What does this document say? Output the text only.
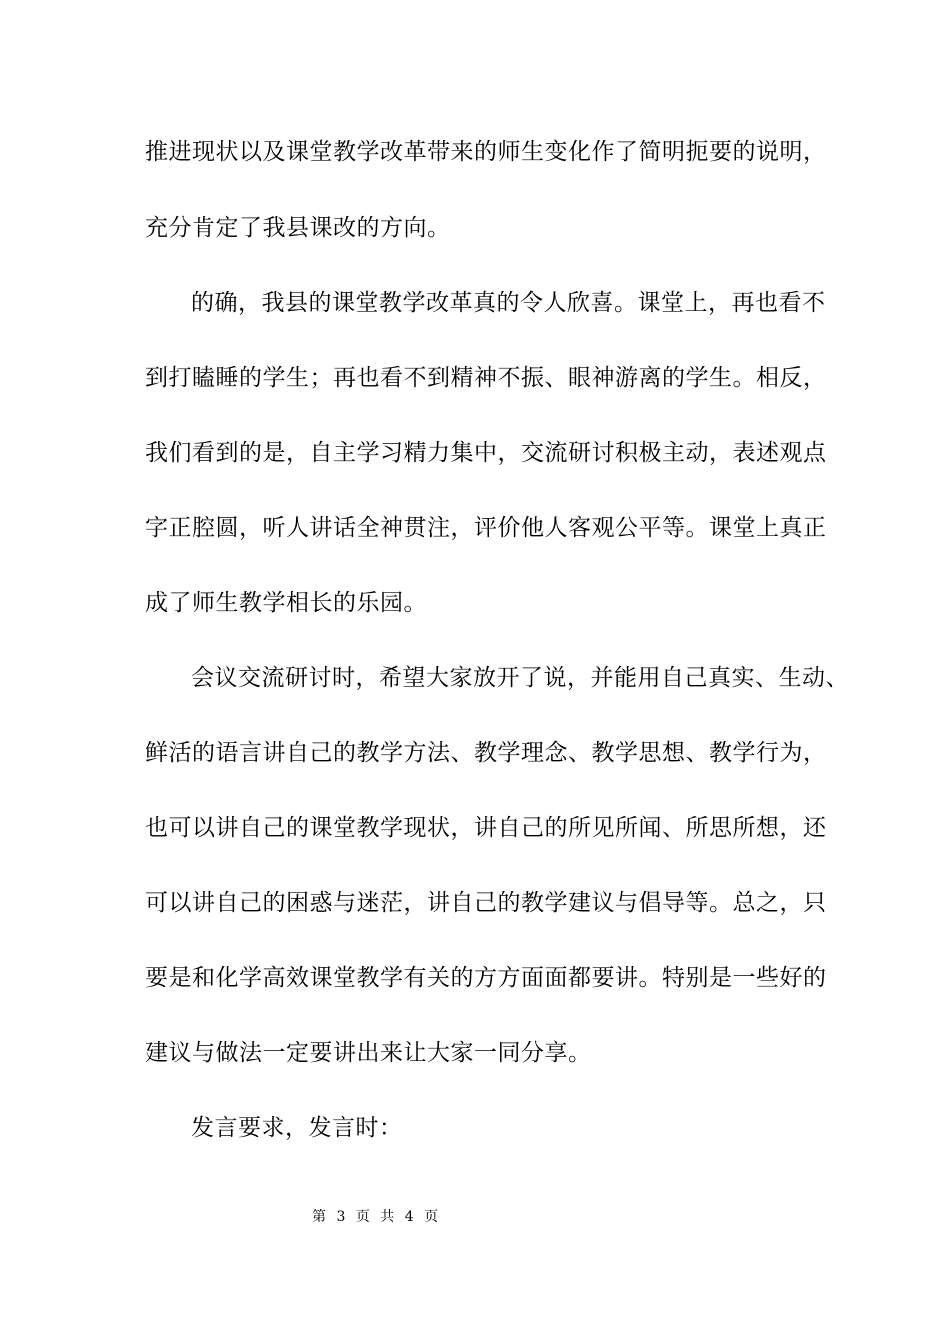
推进现状以及课堂教学改革带来的师生变化作了简明扼要的说明，
充分肯定了我县课改的方向。
的确，我县的课堂教学改革真的令人欣喜。课堂上，再也看不
到打瞌睡的学生；再也看不到精神不振、眼神游离的学生。相反，
我们看到的是，自主学习精力集中，交流研讨积极主动，表述观点
字正腔圆，听人讲话全神贯注，评价他人客观公平等。课堂上真正
成了师生教学相长的乐园。
会议交流研讨时，希望大家放开了说，并能用自己真实、生动、
鲜活的语言讲自己的教学方法、教学理念、教学思想、教学行为，
也可以讲自己的课堂教学现状，讲自己的所见所闻、所思所想，还
可以讲自己的困惑与迷茫，讲自己的教学建议与倡导等。总之，只
要是和化学高效课堂教学有关的方方面面都要讲。特别是一些好的
建议与做法一定要讲出来让大家一同分享。
发言要求，发言时：
第 3 页 共 4 页
